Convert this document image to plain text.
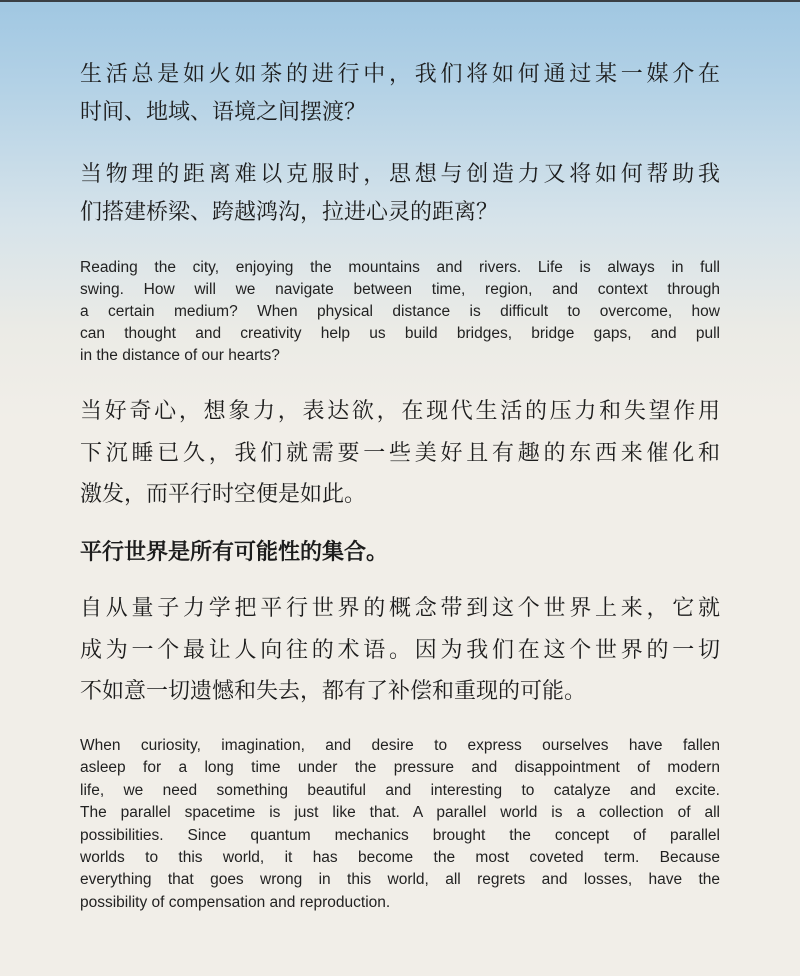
生活总是如火如茶的进行中，我们将如何通过某一媒介在
时间、地域、语境之间摆渡？
当物理的距离难以克服时，思想与创造力又将如何帮助我
们搭建桥梁、跨越鸿沟，拉进心灵的距离？
Reading the city, enjoying the mountains and rivers. Life is always in full
swing. How will we navigate between time, region, and context through
a certain medium? When physical distance is difficult to overcome, how
can thought and creativity help us build bridges, bridge gaps, and pull
in the distance of our hearts?
当好奇心，想象力，表达欲，在现代生活的压力和失望作用
下沉睡已久，我们就需要一些美好且有趣的东西来催化和
激发，而平行时空便是如此。
平行世界是所有可能性的集合。
自从量子力学把平行世界的概念带到这个世界上来，它就
成为一个最让人向往的术语。因为我们在这个世界的一切
不如意一切遗憾和失去，都有了补偿和重现的可能。
When curiosity, imagination, and desire to express ourselves have fallen
asleep for a long time under the pressure and disappointment of modern
life, we need something beautiful and interesting to catalyze and excite.
The parallel spacetime is just like that. A parallel world is a collection of all
possibilities. Since quantum mechanics brought the concept of parallel
worlds to this world, it has become the most coveted term. Because
everything that goes wrong in this world, all regrets and losses, have the
possibility of compensation and reproduction.
